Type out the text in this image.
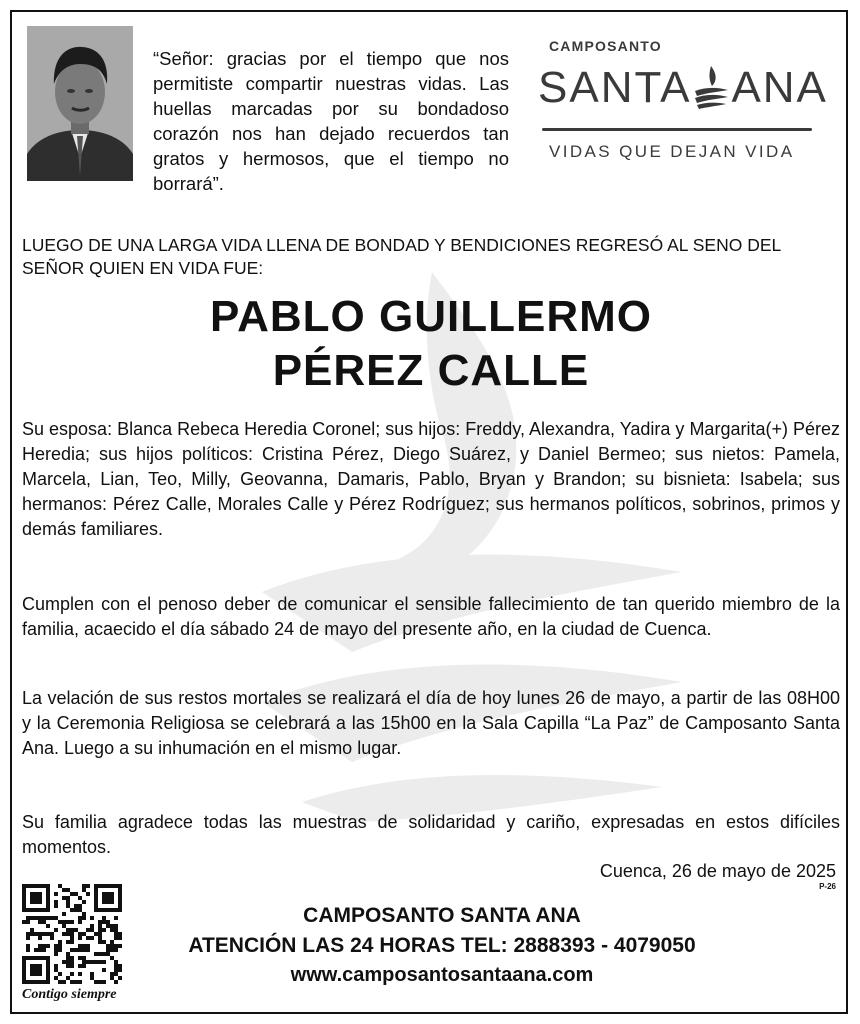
“Señor: gracias por el tiempo que nos permitiste compartir nuestras vidas. Las huellas marcadas por su bondadoso corazón nos han dejado recuerdos tan gratos y hermosos, que el tiempo no borrará”.
CAMPOSANTO
SANTA ANA
VIDAS QUE DEJAN VIDA
LUEGO DE UNA LARGA VIDA LLENA DE BONDAD Y BENDICIONES REGRESÓ AL SENO DEL SEÑOR QUIEN EN VIDA FUE:
PABLO GUILLERMO
PÉREZ CALLE
Su esposa: Blanca Rebeca Heredia Coronel; sus hijos: Freddy, Alexandra, Yadira y Margarita(+) Pérez Heredia; sus hijos políticos: Cristina Pérez, Diego Suárez, y Daniel Bermeo; sus nietos: Pamela, Marcela, Lian, Teo, Milly, Geovanna, Damaris, Pablo, Bryan y Brandon; su bisnieta: Isabela; sus hermanos: Pérez Calle, Morales Calle y Pérez Rodríguez; sus hermanos políticos, sobrinos, primos y demás familiares.
Cumplen con el penoso deber de comunicar el sensible fallecimiento de tan querido miembro de la familia, acaecido el día sábado 24 de mayo del presente año, en la ciudad de Cuenca.
La velación de sus restos mortales se realizará el día de hoy lunes 26 de mayo, a partir de las 08H00 y la Ceremonia Religiosa se celebrará a las 15h00 en la Sala Capilla “La Paz” de Camposanto Santa Ana. Luego a su inhumación en el mismo lugar.
Su familia agradece todas las muestras de solidaridad y cariño, expresadas en estos difíciles momentos.
Cuenca, 26 de mayo de 2025
P-26
Contigo siempre
CAMPOSANTO SANTA ANA
ATENCIÓN LAS 24 HORAS TEL: 2888393 - 4079050
www.camposantosantaana.com
